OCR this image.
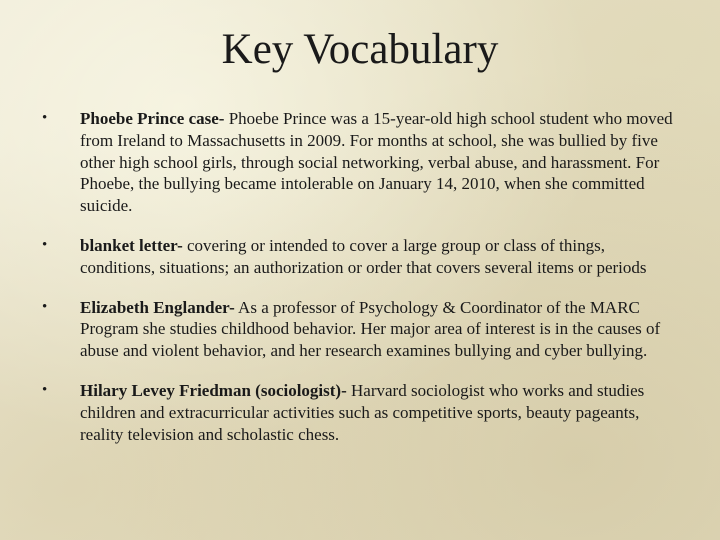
Key Vocabulary
• Phoebe Prince case- Phoebe Prince was a 15-year-old high school student who moved from Ireland to Massachusetts in 2009. For months at school, she was bullied by five other high school girls, through social networking, verbal abuse, and harassment. For Phoebe, the bullying became intolerable on January 14, 2010, when she committed suicide.
• blanket letter- covering or intended to cover a large group or class of things, conditions, situations; an authorization or order that covers several items or periods
• Elizabeth Englander- As a professor of Psychology & Coordinator of the MARC Program she studies childhood behavior. Her major area of interest is in the causes of abuse and violent behavior, and her research examines bullying and cyber bullying.
• Hilary Levey Friedman (sociologist)- Harvard sociologist who works and studies children and extracurricular activities such as competitive sports, beauty pageants, reality television and scholastic chess.
